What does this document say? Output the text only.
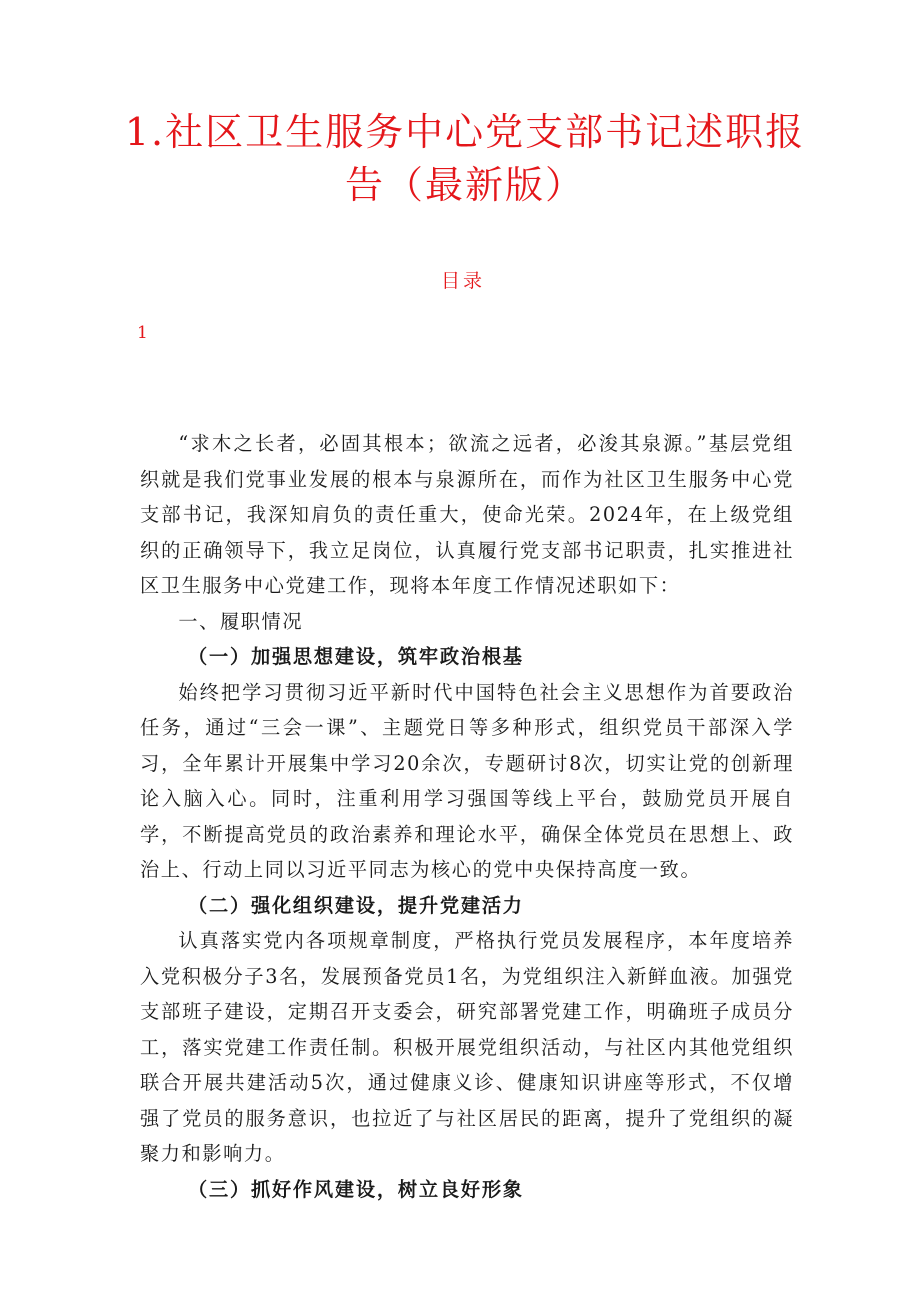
1.社区卫生服务中心党支部书记述职报告（最新版）
目录
1

“求木之长者，必固其根本；欲流之远者，必浚其泉源。”基层党组织就是我们党事业发展的根本与泉源所在，而作为社区卫生服务中心党支部书记，我深知肩负的责任重大，使命光荣。2024年，在上级党组织的正确领导下，我立足岗位，认真履行党支部书记职责，扎实推进社区卫生服务中心党建工作，现将本年度工作情况述职如下：

一、履职情况

（一）加强思想建设，筑牢政治根基

始终把学习贯彻习近平新时代中国特色社会主义思想作为首要政治任务，通过“三会一课”、主题党日等多种形式，组织党员干部深入学习，全年累计开展集中学习20余次，专题研讨8次，切实让党的创新理论入脑入心。同时，注重利用学习强国等线上平台，鼓励党员开展自学，不断提高党员的政治素养和理论水平，确保全体党员在思想上、政治上、行动上同以习近平同志为核心的党中央保持高度一致。

（二）强化组织建设，提升党建活力

认真落实党内各项规章制度，严格执行党员发展程序，本年度培养入党积极分子3名，发展预备党员1名，为党组织注入新鲜血液。加强党支部班子建设，定期召开支委会，研究部署党建工作，明确班子成员分工，落实党建工作责任制。积极开展党组织活动，与社区内其他党组织联合开展共建活动5次，通过健康义诊、健康知识讲座等形式，不仅增强了党员的服务意识，也拉近了与社区居民的距离，提升了党组织的凝聚力和影响力。

（三）抓好作风建设，树立良好形象
